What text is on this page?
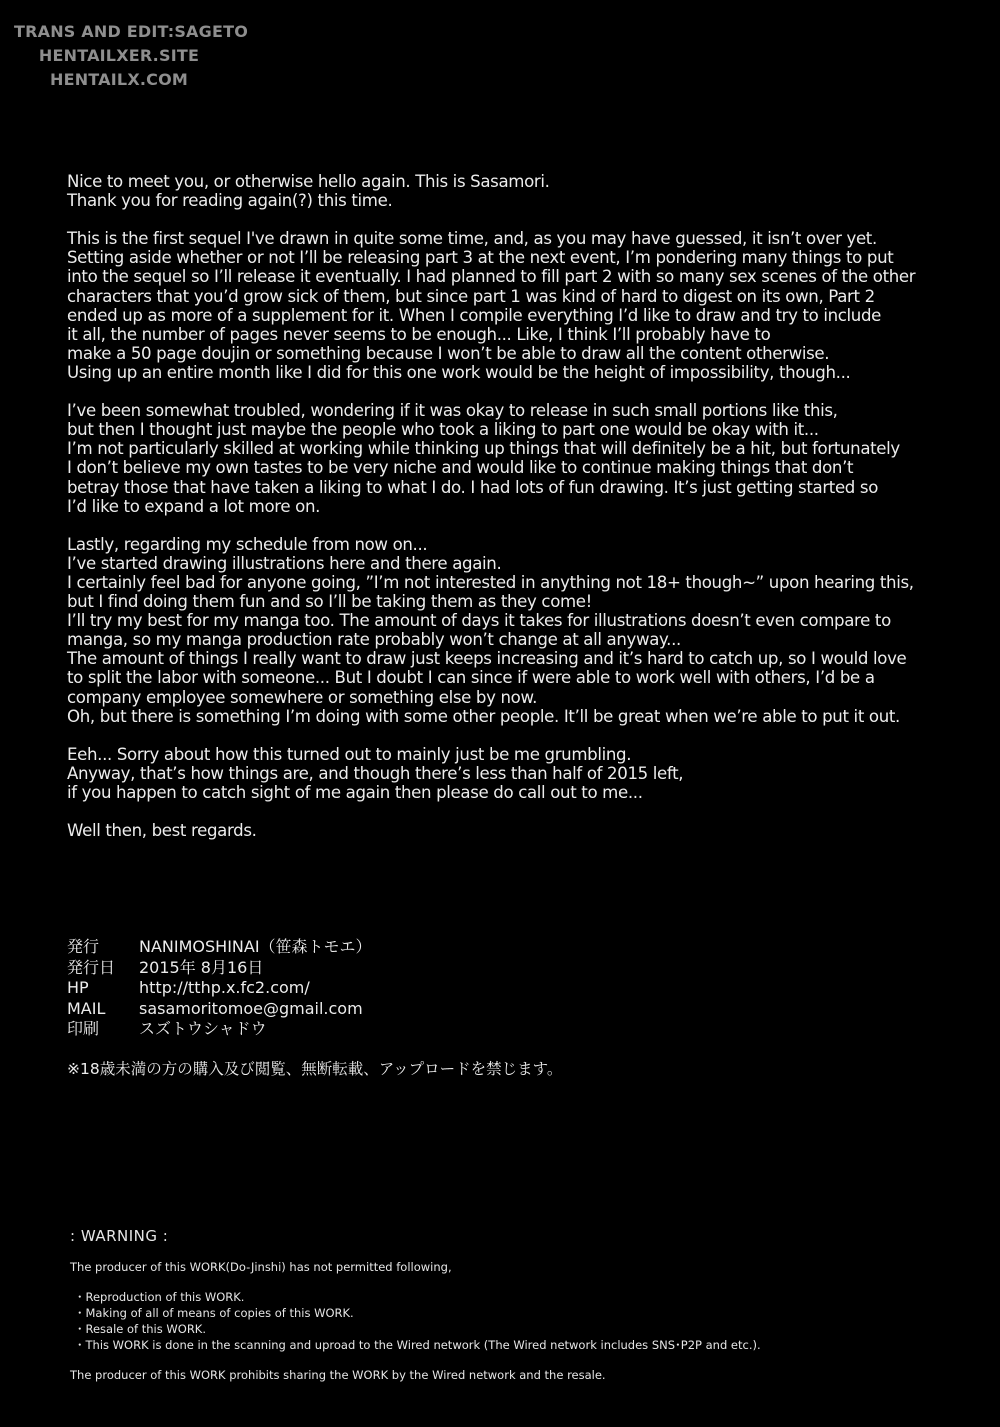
TRANS AND EDIT:SAGETO
HENTAILXER.SITE
HENTAILX.COM

Nice to meet you, or otherwise hello again. This is Sasamori.
Thank you for reading again(?) this time.

This is the first sequel I've drawn in quite some time, and, as you may have guessed, it isn’t over yet.
Setting aside whether or not I’ll be releasing part 3 at the next event, I’m pondering many things to put
into the sequel so I’ll release it eventually. I had planned to fill part 2 with so many sex scenes of the other
characters that you’d grow sick of them, but since part 1 was kind of hard to digest on its own, Part 2
ended up as more of a supplement for it. When I compile everything I’d like to draw and try to include
it all, the number of pages never seems to be enough... Like, I think I’ll probably have to
make a 50 page doujin or something because I won’t be able to draw all the content otherwise.
Using up an entire month like I did for this one work would be the height of impossibility, though...

I’ve been somewhat troubled, wondering if it was okay to release in such small portions like this,
but then I thought just maybe the people who took a liking to part one would be okay with it...
I’m not particularly skilled at working while thinking up things that will definitely be a hit, but fortunately
I don’t believe my own tastes to be very niche and would like to continue making things that don’t
betray those that have taken a liking to what I do. I had lots of fun drawing. It’s just getting started so
I’d like to expand a lot more on.

Lastly, regarding my schedule from now on...
I’ve started drawing illustrations here and there again.
I certainly feel bad for anyone going, ”I’m not interested in anything not 18+ though~” upon hearing this,
but I find doing them fun and so I’ll be taking them as they come!
I’ll try my best for my manga too. The amount of days it takes for illustrations doesn’t even compare to
manga, so my manga production rate probably won’t change at all anyway...
The amount of things I really want to draw just keeps increasing and it’s hard to catch up, so I would love
to split the labor with someone... But I doubt I can since if were able to work well with others, I’d be a
company employee somewhere or something else by now.
Oh, but there is something I’m doing with some other people. It’ll be great when we’re able to put it out.

Eeh... Sorry about how this turned out to mainly just be me grumbling.
Anyway, that’s how things are, and though there’s less than half of 2015 left,
if you happen to catch sight of me again then please do call out to me...

Well then, best regards.

発行	NANIMOSHINAI（笹森トモエ）
発行日	2015年 8月16日
HP	http://tthp.x.fc2.com/
MAIL	sasamoritomoe@gmail.com
印刷	スズトウシャドウ
※18歳未満の方の購入及び閲覧、無断転載、アップロードを禁じます。
: WARNING :
The producer of this WORK(Do-Jinshi) has not permitted following,
・Reproduction of this WORK.
・Making of all of means of copies of this WORK.
・Resale of this WORK.
・This WORK is done in the scanning and uproad to the Wired network (The Wired network includes SNS･P2P and etc.).
The producer of this WORK prohibits sharing the WORK by the Wired network and the resale.
